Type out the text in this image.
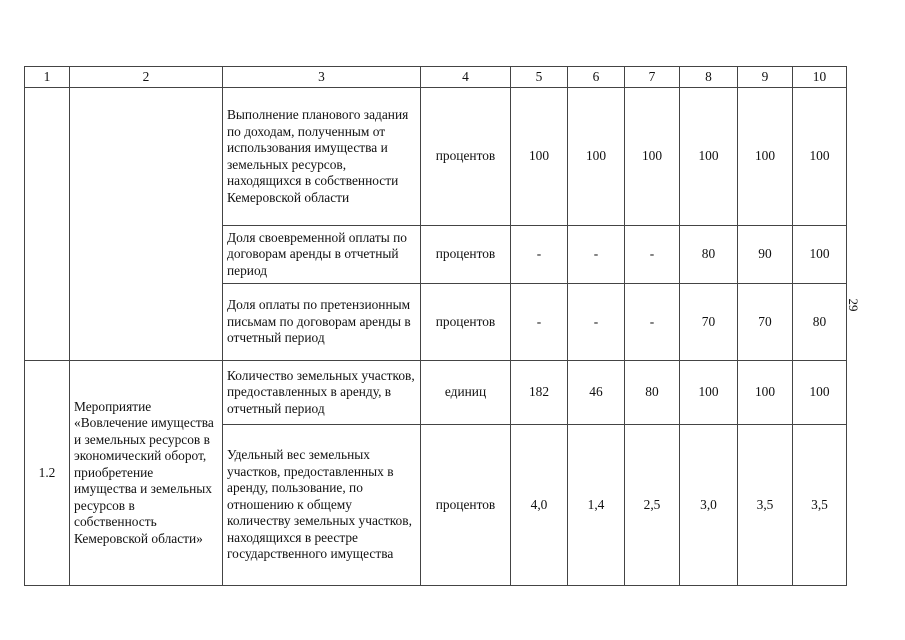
1	2	3	4	5	6	7	8	9	10
		Выполнение планового задания по доходам, полученным от использования имущества и земельных ресурсов, находящихся в собственности Кемеровской области	процентов	100	100	100	100	100	100
		Доля своевременной оплаты по договорам аренды в отчетный период	процентов	-	-	-	80	90	100
		Доля оплаты по претензионным письмам по договорам аренды в отчетный период	процентов	-	-	-	70	70	80
1.2	Мероприятие «Вовлечение имущества и земельных ресурсов в экономический оборот, приобретение имущества и земельных ресурсов в собственность Кемеровской области»	Количество земельных участков, предоставленных в аренду, в отчетный период	единиц	182	46	80	100	100	100
		Удельный вес земельных участков, предоставленных в аренду, пользование, по отношению к общему количеству земельных участков, находящихся в реестре государственного имущества	процентов	4,0	1,4	2,5	3,0	3,5	3,5
29
